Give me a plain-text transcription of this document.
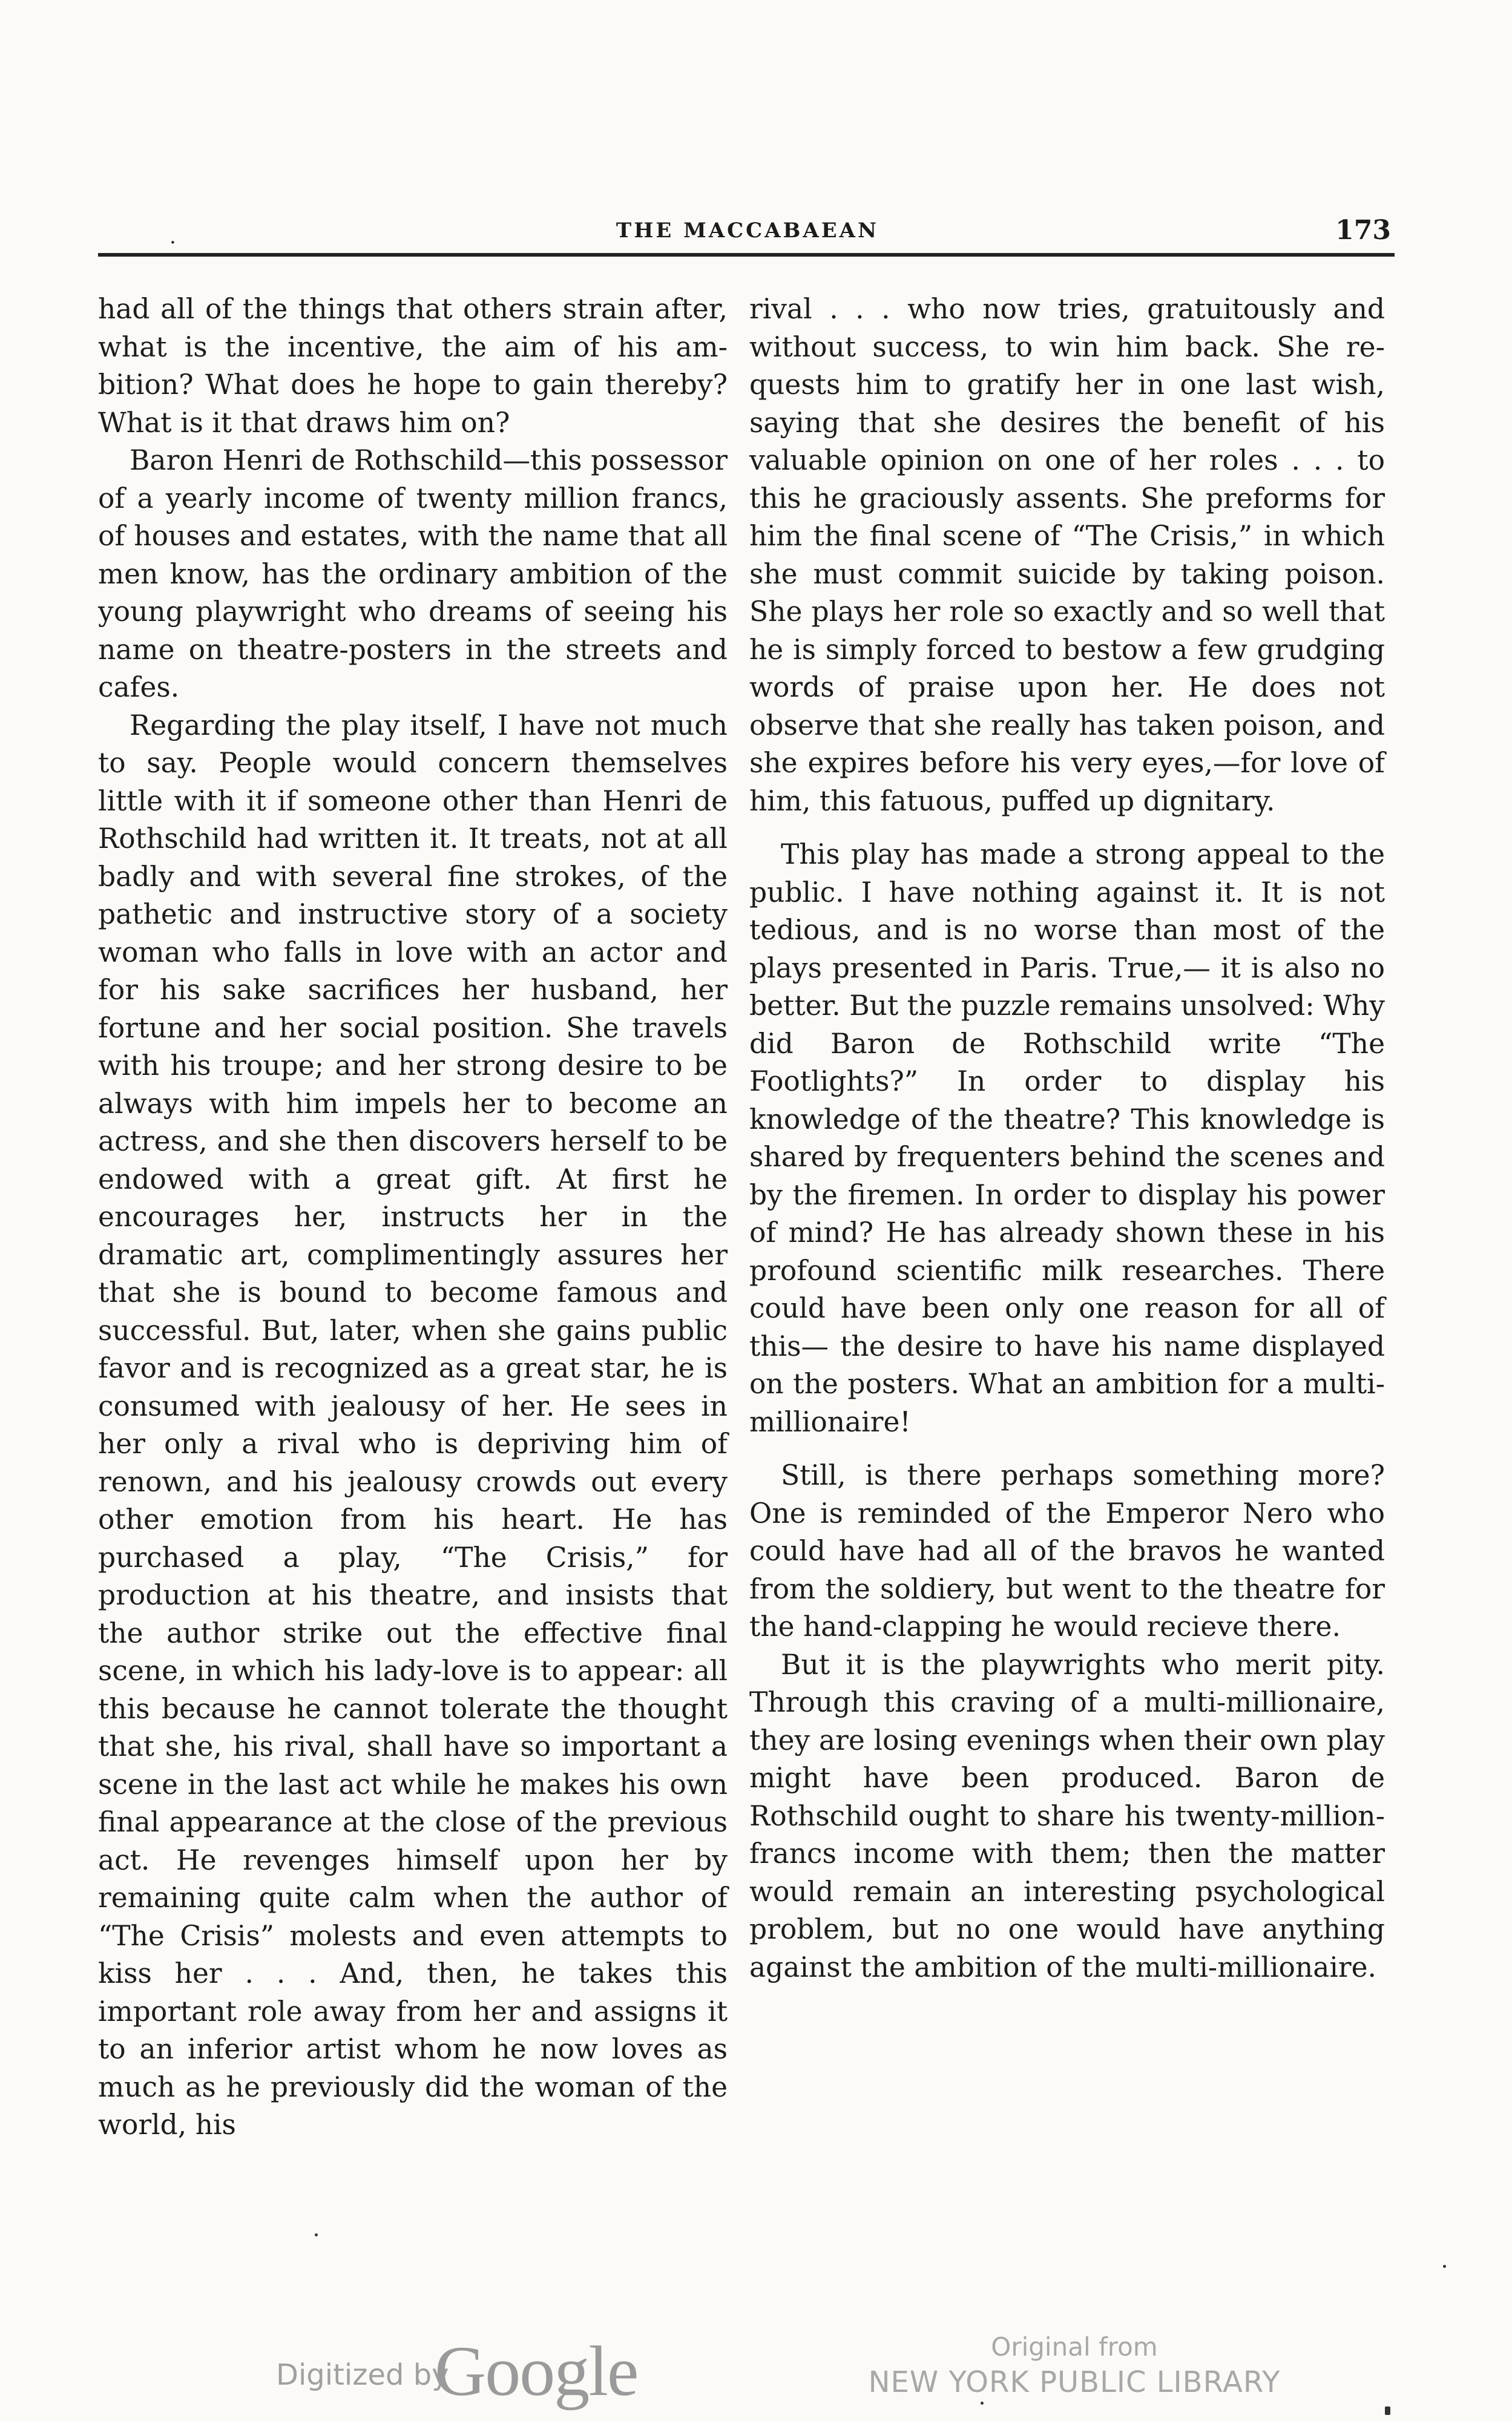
.	THE MACCABAEAN	173

had all of the things that others strain after, what is the incentive, the aim of his ambition? What does he hope to gain thereby? What is it that draws him on?

Baron Henri de Rothschild—this possessor of a yearly income of twenty million francs, of houses and estates, with the name that all men know, has the ordinary ambition of the young playwright who dreams of seeing his name on theatre-posters in the streets and cafes.

Regarding the play itself, I have not much to say. People would concern themselves little with it if someone other than Henri de Rothschild had written it. It treats, not at all badly and with several fine strokes, of the pathetic and instructive story of a society woman who falls in love with an actor and for his sake sacrifices her husband, her fortune and her social position. She travels with his troupe; and her strong desire to be always with him impels her to become an actress, and she then discovers herself to be endowed with a great gift. At first he encourages her, instructs her in the dramatic art, complimentingly assures her that she is bound to become famous and successful. But, later, when she gains public favor and is recognized as a great star, he is consumed with jealousy of her. He sees in her only a rival who is depriving him of renown, and his jealousy crowds out every other emotion from his heart. He has purchased a play, “The Crisis,” for production at his theatre, and insists that the author strike out the effective final scene, in which his lady-love is to appear: all this because he cannot tolerate the thought that she, his rival, shall have so important a scene in the last act while he makes his own final appearance at the close of the previous act. He revenges himself upon her by remaining quite calm when the author of “The Crisis” molests and even attempts to kiss her . . . And, then, he takes this important role away from her and assigns it to an inferior artist whom he now loves as much as he previously did the woman of the world, his

rival . . . who now tries, gratuitously and without success, to win him back. She requests him to gratify her in one last wish, saying that she desires the benefit of his valuable opinion on one of her roles . . . to this he graciously assents. She preforms for him the final scene of “The Crisis,” in which she must commit suicide by taking poison. She plays her role so exactly and so well that he is simply forced to bestow a few grudging words of praise upon her. He does not observe that she really has taken poison, and she expires before his very eyes,—for love of him, this fatuous, puffed up dignitary.

This play has made a strong appeal to the public. I have nothing against it. It is not tedious, and is no worse than most of the plays presented in Paris. True,— it is also no better. But the puzzle remains unsolved: Why did Baron de Rothschild write “The Footlights?” In order to display his knowledge of the theatre? This knowledge is shared by frequenters behind the scenes and by the firemen. In order to display his power of mind? He has already shown these in his profound scientific milk researches. There could have been only one reason for all of this— the desire to have his name displayed on the posters. What an ambition for a multi-millionaire!

Still, is there perhaps something more? One is reminded of the Emperor Nero who could have had all of the bravos he wanted from the soldiery, but went to the theatre for the hand-clapping he would recieve there.

But it is the playwrights who merit pity. Through this craving of a multi-millionaire, they are losing evenings when their own play might have been produced. Baron de Rothschild ought to share his twenty-million-francs income with them; then the matter would remain an interesting psychological problem, but no one would have anything against the ambition of the multi-millionaire.

Digitized by
Google	Original from
NEW YORK PUBLIC LIBRARY
